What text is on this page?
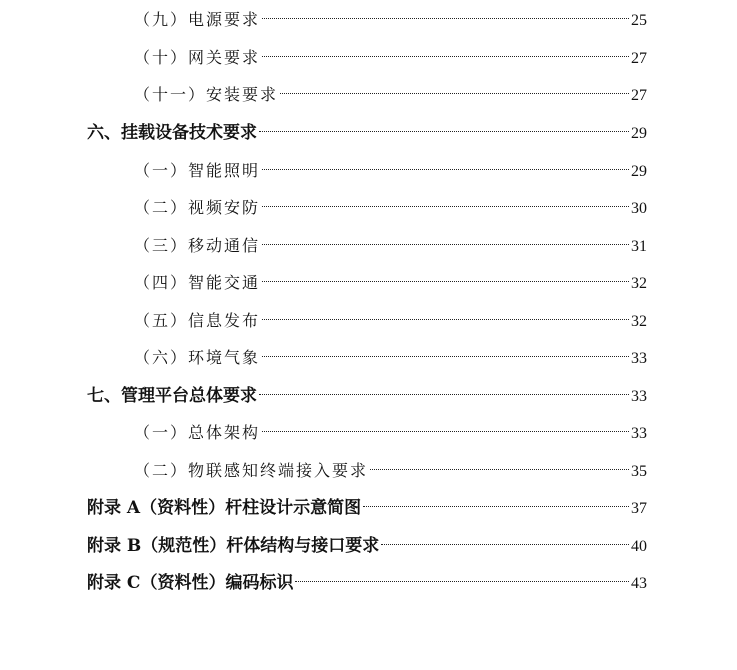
（九）电源要求	25
（十）网关要求	27
（十一）安装要求	27
六、挂载设备技术要求	29
（一）智能照明	29
（二）视频安防	30
（三）移动通信	31
（四）智能交通	32
（五）信息发布	32
（六）环境气象	33
七、管理平台总体要求	33
（一）总体架构	33
（二）物联感知终端接入要求	35
附录 A（资料性）杆柱设计示意简图	37
附录 B（规范性）杆体结构与接口要求	40
附录 C（资料性）编码标识	43
